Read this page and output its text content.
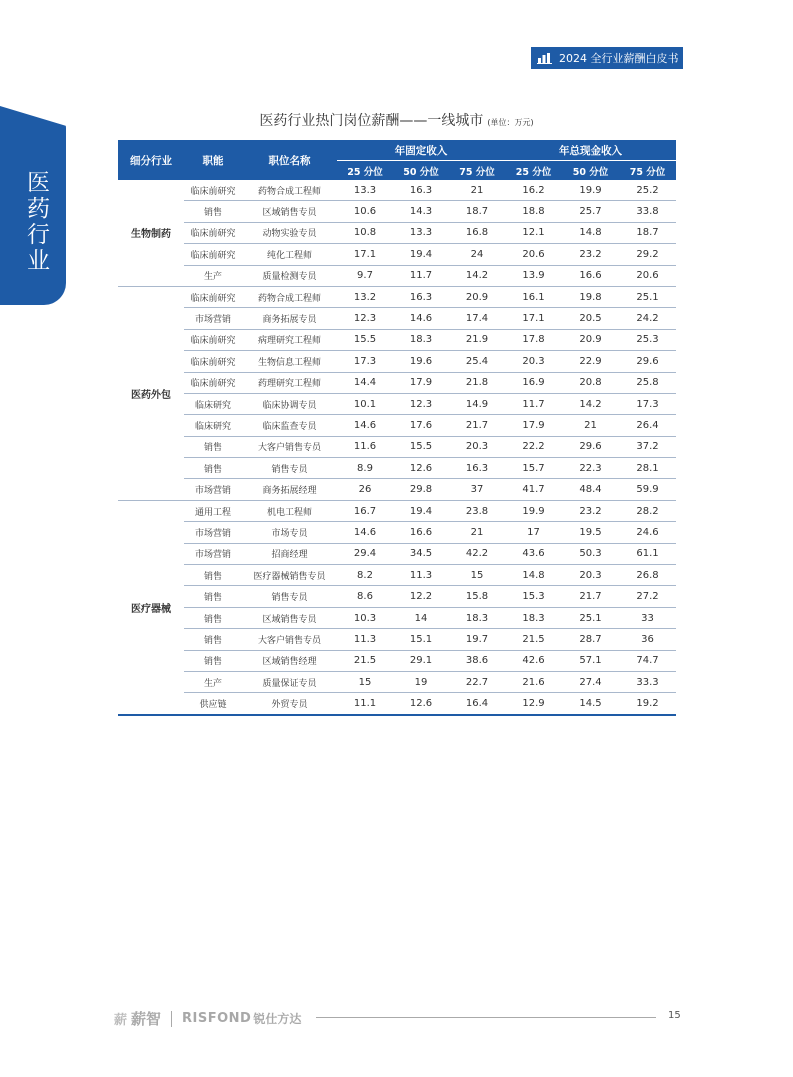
2024 全行业薪酬白皮书
医药行业
医药行业热门岗位薪酬——一线城市 (单位：万元)
细分行业	职能	职位名称	年固定收入			年总现金收入		
			25 分位	50 分位	75 分位	25 分位	50 分位	75 分位
生物制药	临床前研究	药物合成工程师	13.3	16.3	21	16.2	19.9	25.2
	销售	区域销售专员	10.6	14.3	18.7	18.8	25.7	33.8
	临床前研究	动物实验专员	10.8	13.3	16.8	12.1	14.8	18.7
	临床前研究	纯化工程师	17.1	19.4	24	20.6	23.2	29.2
	生产	质量检测专员	9.7	11.7	14.2	13.9	16.6	20.6
医药外包	临床前研究	药物合成工程师	13.2	16.3	20.9	16.1	19.8	25.1
	市场营销	商务拓展专员	12.3	14.6	17.4	17.1	20.5	24.2
	临床前研究	病理研究工程师	15.5	18.3	21.9	17.8	20.9	25.3
	临床前研究	生物信息工程师	17.3	19.6	25.4	20.3	22.9	29.6
	临床前研究	药理研究工程师	14.4	17.9	21.8	16.9	20.8	25.8
	临床研究	临床协调专员	10.1	12.3	14.9	11.7	14.2	17.3
	临床研究	临床监查专员	14.6	17.6	21.7	17.9	21	26.4
	销售	大客户销售专员	11.6	15.5	20.3	22.2	29.6	37.2
	销售	销售专员	8.9	12.6	16.3	15.7	22.3	28.1
	市场营销	商务拓展经理	26	29.8	37	41.7	48.4	59.9
医疗器械	通用工程	机电工程师	16.7	19.4	23.8	19.9	23.2	28.2
	市场营销	市场专员	14.6	16.6	21	17	19.5	24.6
	市场营销	招商经理	29.4	34.5	42.2	43.6	50.3	61.1
	销售	医疗器械销售专员	8.2	11.3	15	14.8	20.3	26.8
	销售	销售专员	8.6	12.2	15.8	15.3	21.7	27.2
	销售	区域销售专员	10.3	14	18.3	18.3	25.1	33
	销售	大客户销售专员	11.3	15.1	19.7	21.5	28.7	36
	销售	区域销售经理	21.5	29.1	38.6	42.6	57.1	74.7
	生产	质量保证专员	15	19	22.7	21.6	27.4	33.3
	供应链	外贸专员	11.1	12.6	16.4	12.9	14.5	19.2
薪 薪智 RISFOND 锐仕方达	15
